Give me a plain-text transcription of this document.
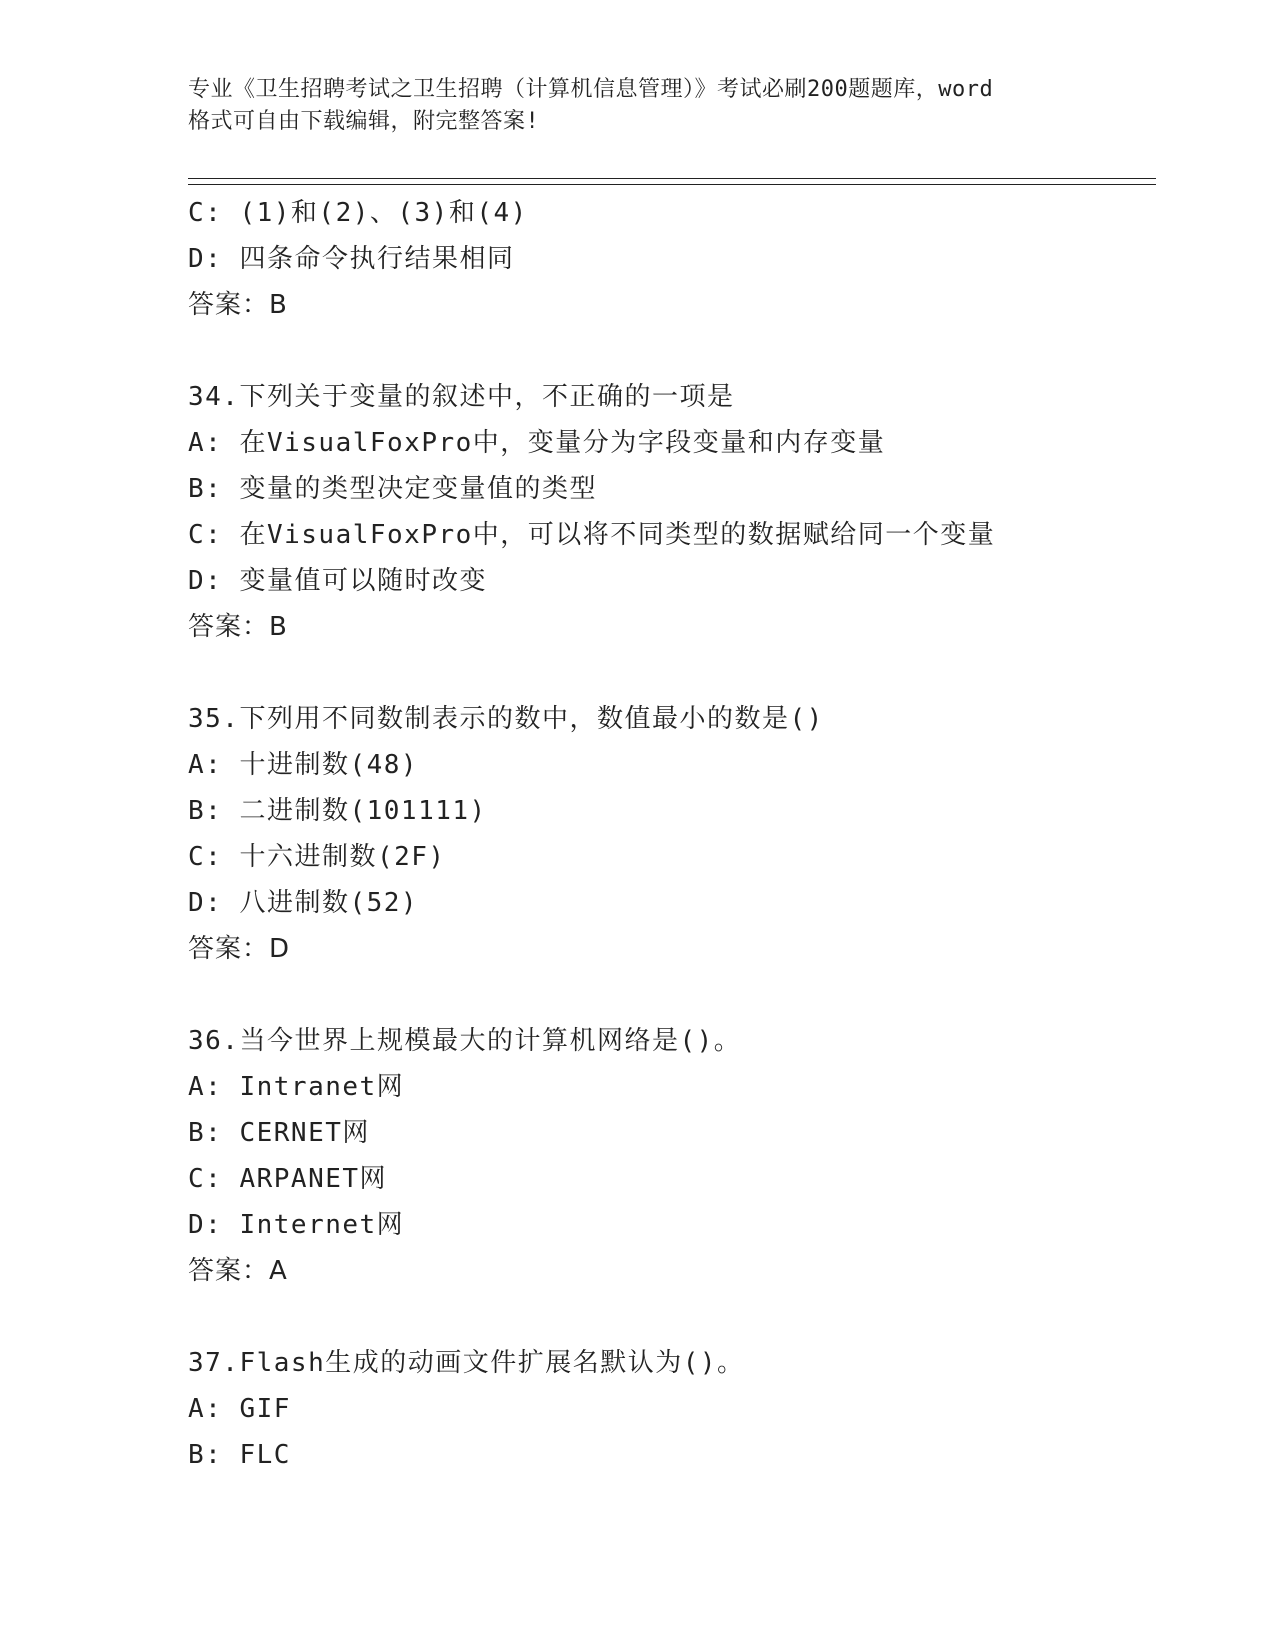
专业《卫生招聘考试之卫生招聘（计算机信息管理）》考试必刷200题题库，word
格式可自由下载编辑，附完整答案!
C: (1)和(2)、(3)和(4)
D: 四条命令执行结果相同
答案：B
34.下列关于变量的叙述中，不正确的一项是
A: 在VisualFoxPro中，变量分为字段变量和内存变量
B: 变量的类型决定变量值的类型
C: 在VisualFoxPro中，可以将不同类型的数据赋给同一个变量
D: 变量值可以随时改变
答案：B
35.下列用不同数制表示的数中，数值最小的数是()
A: 十进制数(48)
B: 二进制数(101111)
C: 十六进制数(2F)
D: 八进制数(52)
答案：D
36.当今世界上规模最大的计算机网络是()。
A: Intranet网
B: CERNET网
C: ARPANET网
D: Internet网
答案：A
37.Flash生成的动画文件扩展名默认为()。
A: GIF
B: FLC
